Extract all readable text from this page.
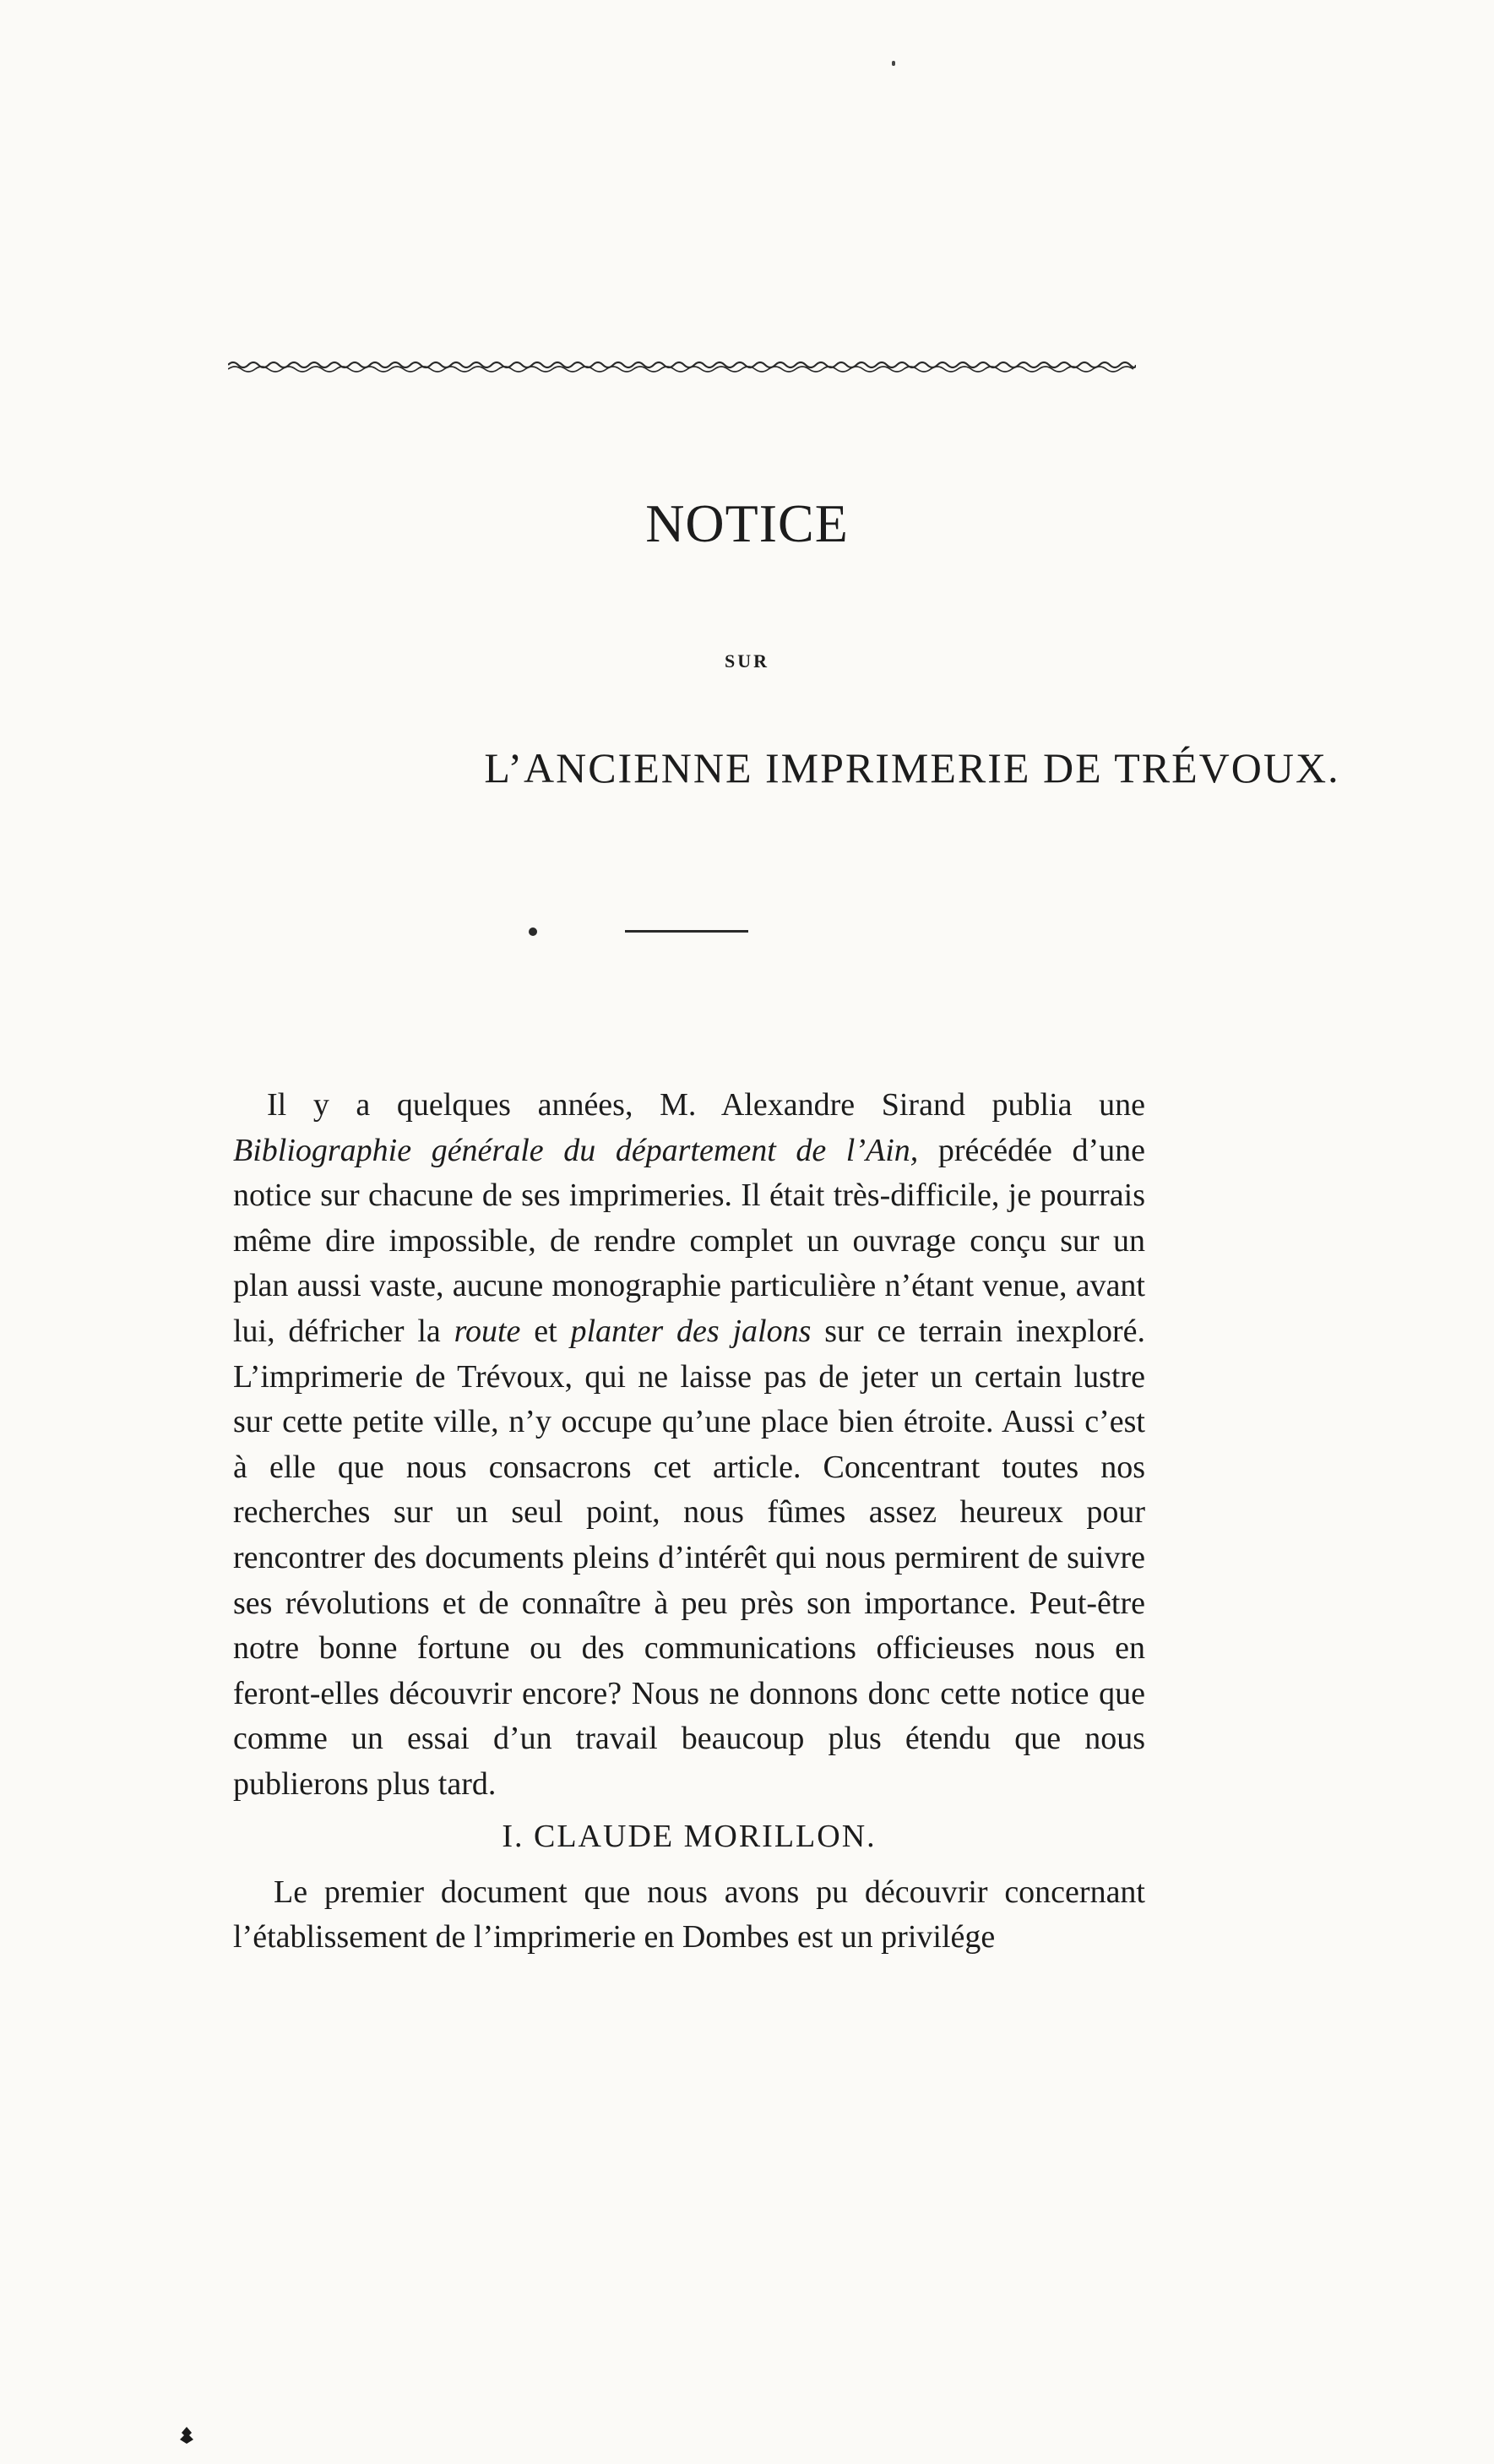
NOTICE
SUR
L’ANCIENNE IMPRIMERIE DE TRÉVOUX.

Il y a quelques années, M. Alexandre Sirand publia une Bibliographie générale du département de l’Ain, précédée d’une notice sur chacune de ses imprimeries. Il était très-difficile, je pourrais même dire impossible, de rendre complet un ouvrage conçu sur un plan aussi vaste, aucune monographie particulière n’étant venue, avant lui, défricher la route et planter des jalons sur ce terrain inexploré. L’imprimerie de Trévoux, qui ne laisse pas de jeter un certain lustre sur cette petite ville, n’y occupe qu’une place bien étroite. Aussi c’est à elle que nous consacrons cet article. Concentrant toutes nos recherches sur un seul point, nous fûmes assez heureux pour rencontrer des documents pleins d’intérêt qui nous permirent de suivre ses révolutions et de connaître à peu près son importance. Peut-être notre bonne fortune ou des communications officieuses nous en feront-elles découvrir encore? Nous ne donnons donc cette notice que comme un essai d’un travail beaucoup plus étendu que nous publierons plus tard.

I. CLAUDE MORILLON.

Le premier document que nous avons pu découvrir concernant l’établissement de l’imprimerie en Dombes est un privilége
